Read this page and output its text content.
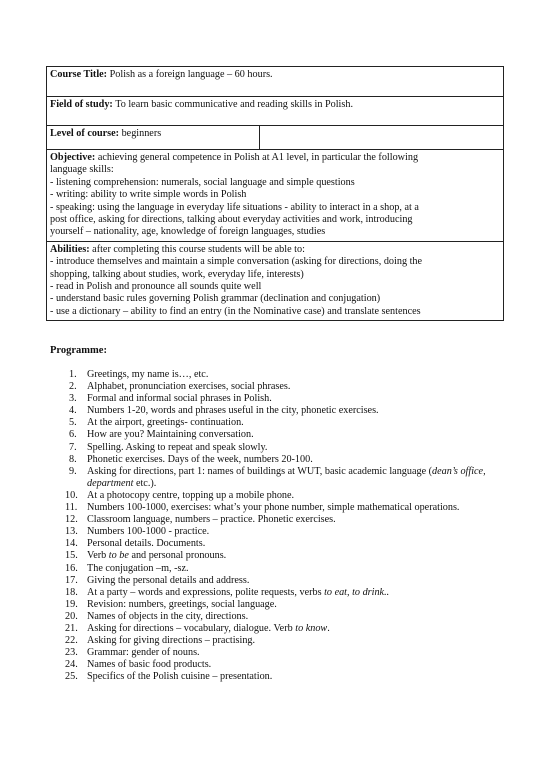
Course Title: Polish as a foreign language – 60 hours.
Field of study: To learn basic communicative and reading skills in Polish.
Level of course: beginners	

Objective: achieving general competence in Polish at A1 level, in particular the following
language skills:
- listening comprehension: numerals, social language and simple questions
- writing: ability to write simple words in Polish
- speaking: using the language in everyday life situations - ability to interact in a shop, at a
post office, asking for directions, talking about everyday activities and work, introducing
yourself – nationality, age, knowledge of foreign languages, studies

Abilities: after completing this course students will be able to:
- introduce themselves and maintain a simple conversation (asking for directions, doing the
shopping, talking about studies, work, everyday life, interests)
- read in Polish and pronounce all sounds quite well
- understand basic rules governing Polish grammar (declination and conjugation)
- use a dictionary – ability to find an entry (in the Nominative case) and translate sentences
Programme:
1. Greetings, my name is…, etc.
2. Alphabet, pronunciation exercises, social phrases.
3. Formal and informal social phrases in Polish.
4. Numbers 1-20, words and phrases useful in the city, phonetic exercises.
5. At the airport, greetings- continuation.
6. How are you? Maintaining conversation.
7. Spelling. Asking to repeat and speak slowly.
8. Phonetic exercises. Days of the week, numbers 20-100.
9. Asking for directions, part 1: names of buildings at WUT, basic academic language (dean’s office, department etc.).
10. At a photocopy centre, topping up a mobile phone.
11. Numbers 100-1000, exercises: what’s your phone number, simple mathematical operations.
12. Classroom language, numbers – practice. Phonetic exercises.
13. Numbers 100-1000 - practice.
14. Personal details. Documents.
15. Verb to be and personal pronouns.
16. The conjugation –m, -sz.
17. Giving the personal details and address.
18. At a party – words and expressions, polite requests, verbs to eat, to drink..
19. Revision: numbers, greetings, social language.
20. Names of objects in the city, directions.
21. Asking for directions – vocabulary, dialogue. Verb to know.
22. Asking for giving directions – practising.
23. Grammar: gender of nouns.
24. Names of basic food products.
25. Specifics of the Polish cuisine – presentation.
